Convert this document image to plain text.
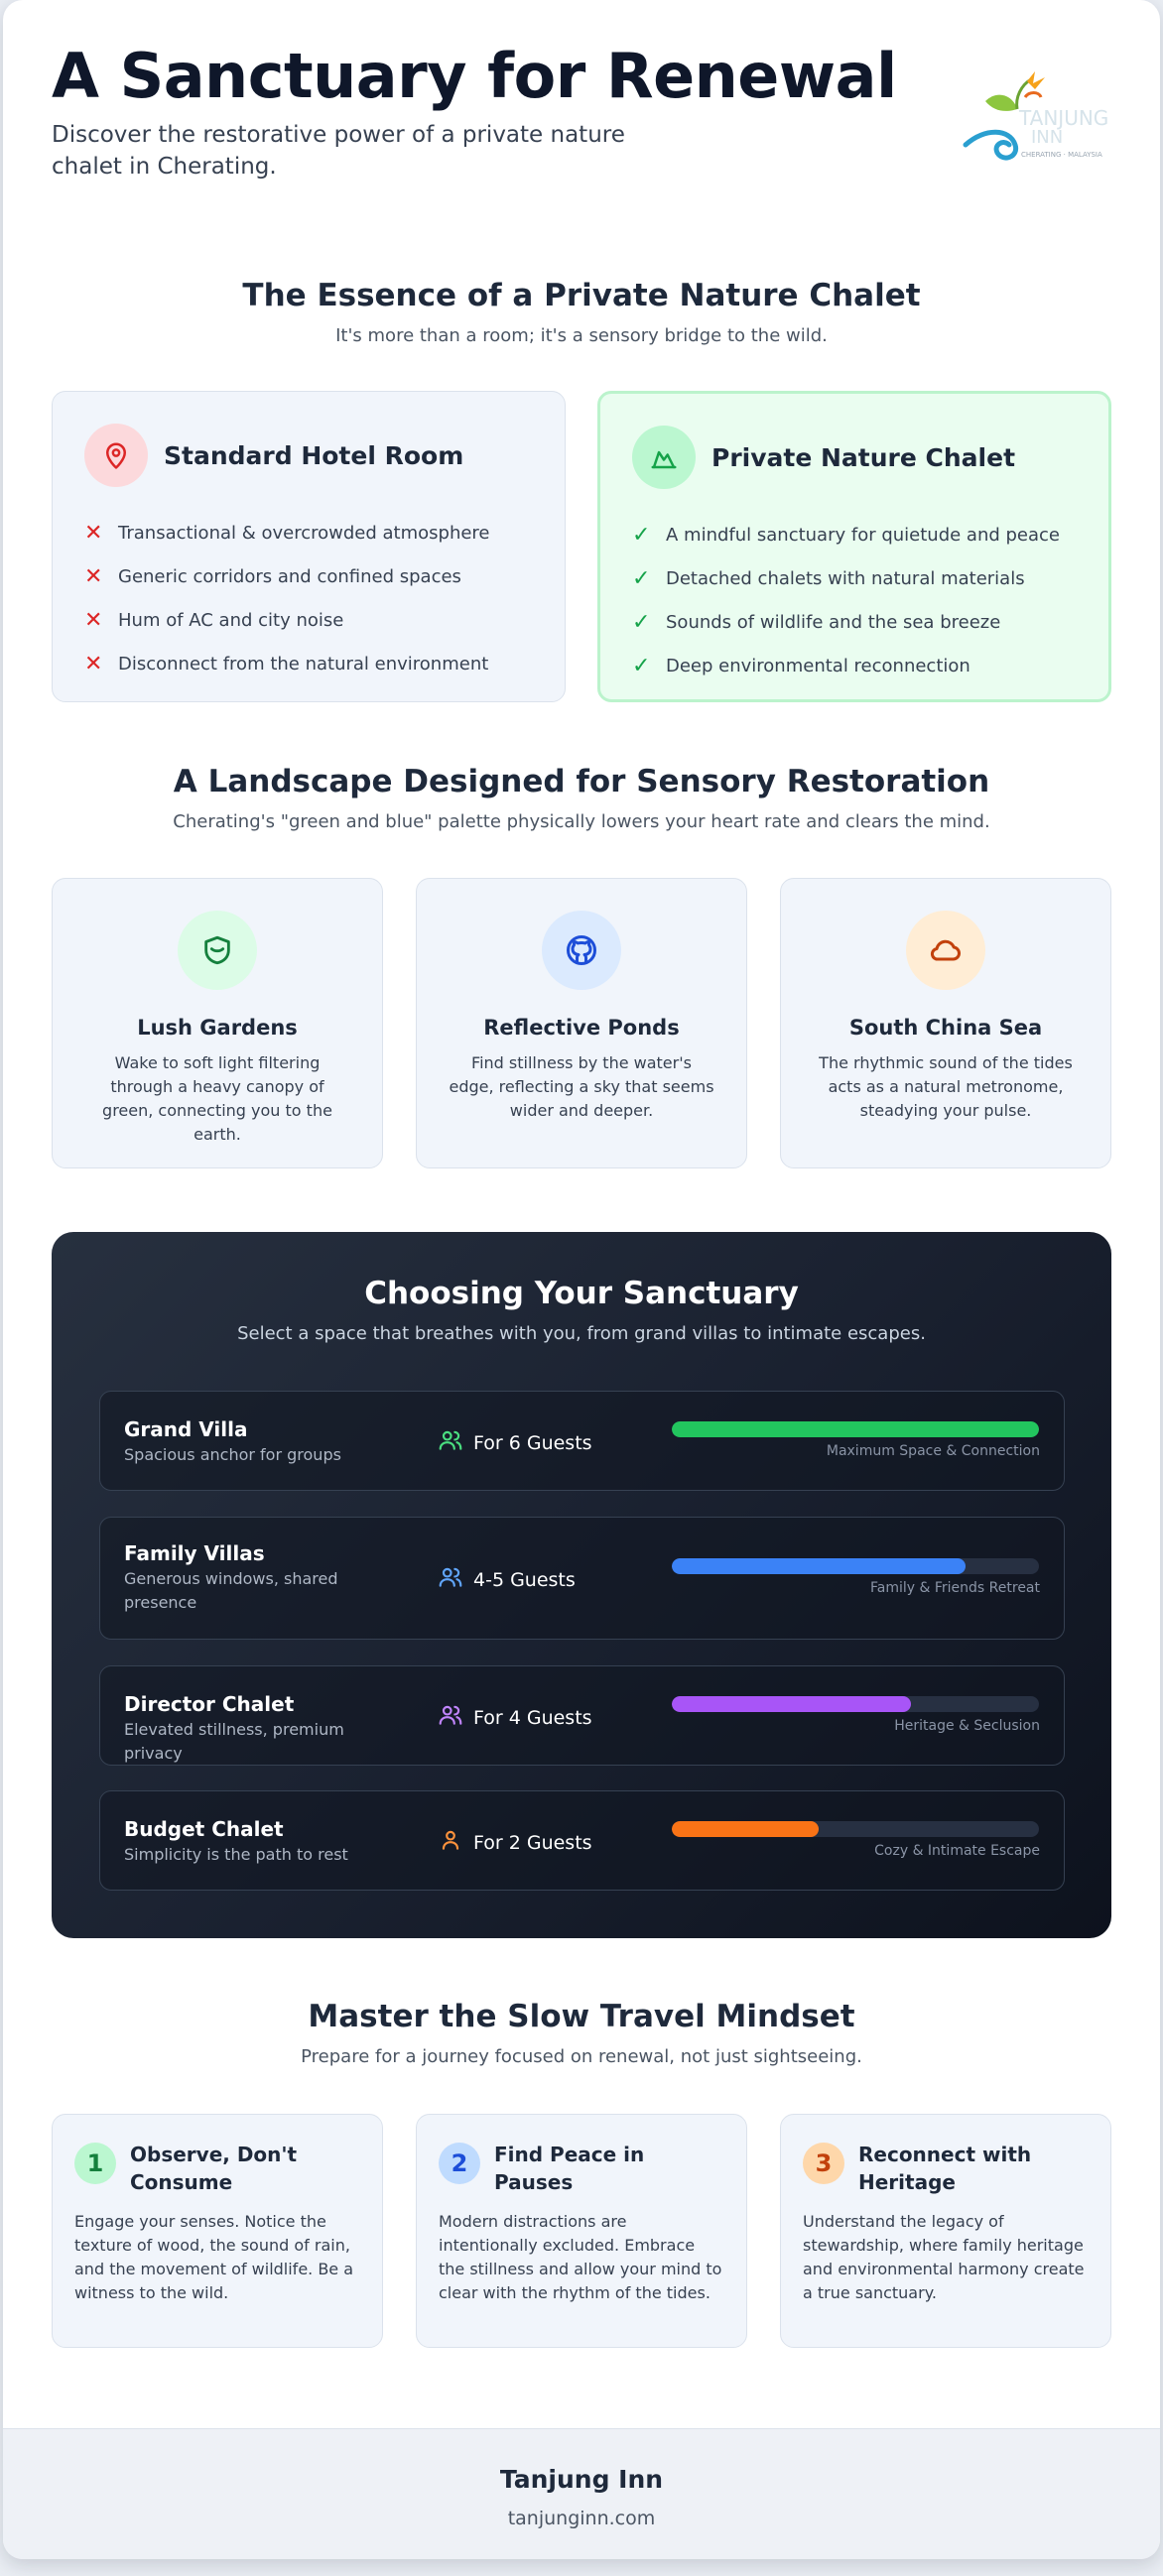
A Sanctuary for Renewal

Discover the restorative power of a private nature chalet in Cherating.

TANJUNG
INN
CHERATING · MALAYSIA
The Essence of a Private Nature Chalet

It's more than a room; it's a sensory bridge to the wild.

Standard Hotel Room
✕ Transactional & overcrowded atmosphere
✕ Generic corridors and confined spaces
✕ Hum of AC and city noise
✕ Disconnect from the natural environment
Private Nature Chalet
✓ A mindful sanctuary for quietude and peace
✓ Detached chalets with natural materials
✓ Sounds of wildlife and the sea breeze
✓ Deep environmental reconnection
A Landscape Designed for Sensory Restoration

Cherating's "green and blue" palette physically lowers your heart rate and clears the mind.

Lush Gardens

Wake to soft light filtering through a heavy canopy of green, connecting you to the earth.

Reflective Ponds

Find stillness by the water's edge, reflecting a sky that seems wider and deeper.

South China Sea

The rhythmic sound of the tides acts as a natural metronome, steadying your pulse.

Choosing Your Sanctuary

Select a space that breathes with you, from grand villas to intimate escapes.

Grand Villa
Spacious anchor for groups
For 6 Guests	Maximum Space & Connection
Family Villas
Generous windows, shared presence
4-5 Guests	Family & Friends Retreat
Director Chalet
Elevated stillness, premium privacy
For 4 Guests	Heritage & Seclusion
Budget Chalet
Simplicity is the path to rest
For 2 Guests	Cozy & Intimate Escape
Master the Slow Travel Mindset

Prepare for a journey focused on renewal, not just sightseeing.

1	Observe, Don't Consume

Engage your senses. Notice the texture of wood, the sound of rain, and the movement of wildlife. Be a witness to the wild.

2	Find Peace in Pauses

Modern distractions are intentionally excluded. Embrace the stillness and allow your mind to clear with the rhythm of the tides.

3	Reconnect with Heritage

Understand the legacy of stewardship, where family heritage and environmental harmony create a true sanctuary.

Tanjung Inn
tanjunginn.com
